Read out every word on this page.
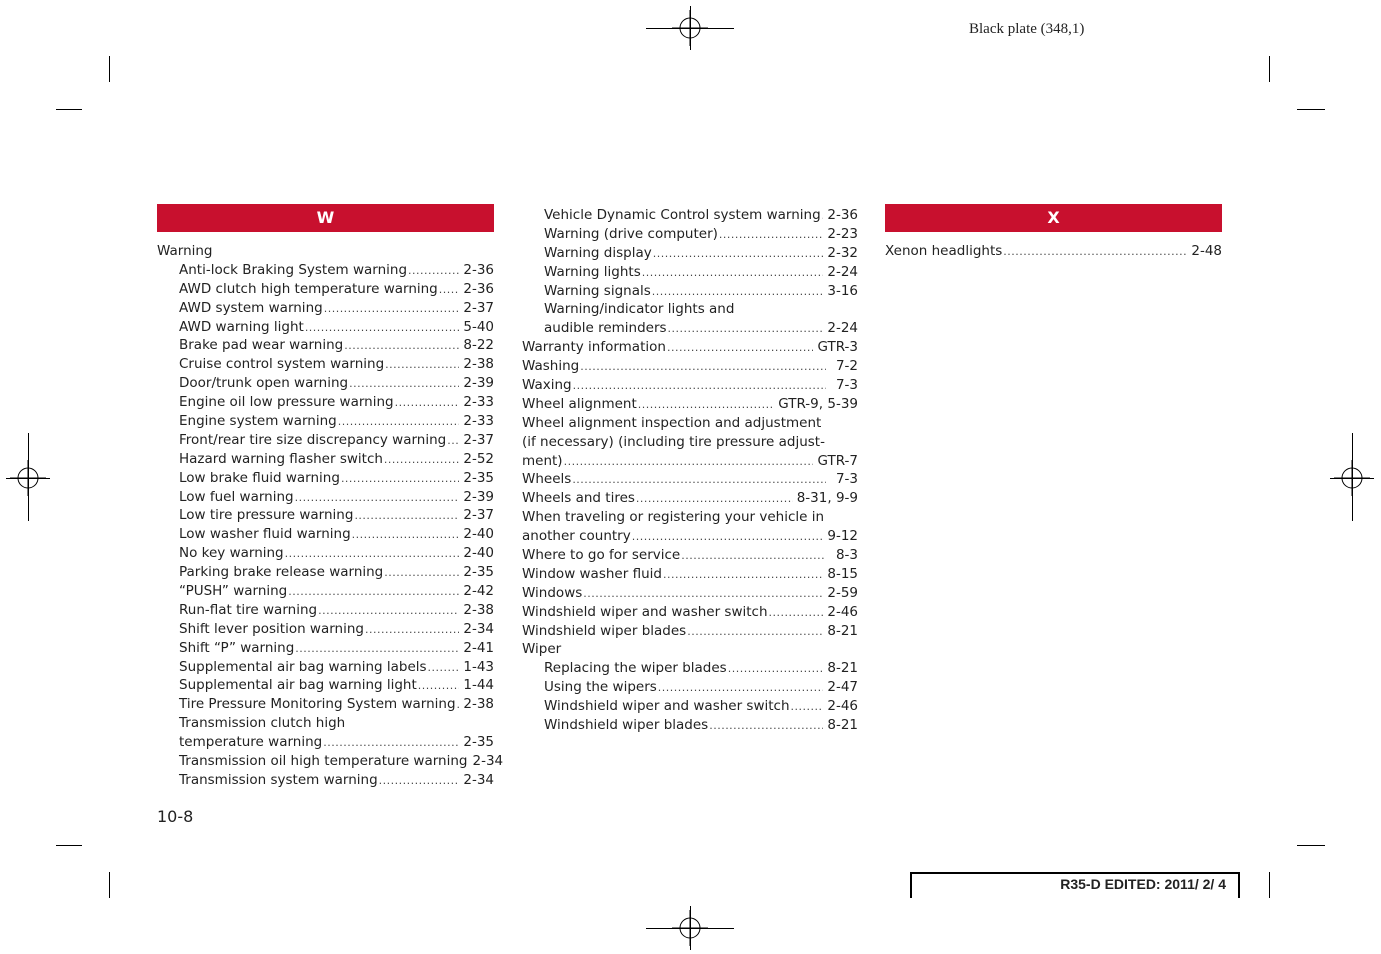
Black plate (348,1)
W
Warning
Anti-lock Braking System warning .....	2-36
AWD clutch high temperature warning ..... 2-36
AWD system warning .....	2-37
AWD warning light .....	5-40
Brake pad wear warning .....	8-22
Cruise control system warning .....	2-38
Door/trunk open warning .....	2-39
Engine oil low pressure warning .....	2-33
Engine system warning .....	2-33
Front/rear tire size discrepancy warning ..... 2-37
Hazard warning flasher switch .....	2-52
Low brake fluid warning .....	2-35
Low fuel warning .....	2-39
Low tire pressure warning .....	2-37
Low washer fluid warning .....	2-40
No key warning .....	2-40
Parking brake release warning .....	2-35
“PUSH” warning .....	2-42
Run-flat tire warning .....	2-38
Shift lever position warning .....	2-34
Shift “P” warning .....	2-41
Supplemental air bag warning labels .....	1-43
Supplemental air bag warning light .....	1-44
Tire Pressure Monitoring System warning ..... 2-38
Transmission clutch high
temperature warning .....	2-35
Transmission oil high temperature warning 2-34
Transmission system warning .....	2-34
Vehicle Dynamic Control system warning ..... 2-36
Warning (drive computer) .....	2-23
Warning display .....	2-32
Warning lights .....	2-24
Warning signals .....	3-16
Warning/indicator lights and
audible reminders .....	2-24
Warranty information .....	GTR-3
Washing .....	7-2
Waxing .....	7-3
Wheel alignment .....	GTR-9, 5-39
Wheel alignment inspection and adjustment
(if necessary) (including tire pressure adjust-
ment) .....	GTR-7
Wheels .....	7-3
Wheels and tires .....	8-31, 9-9
When traveling or registering your vehicle in
another country .....	9-12
Where to go for service .....	8-3
Window washer fluid .....	8-15
Windows .....	2-59
Windshield wiper and washer switch .....	2-46
Windshield wiper blades .....	8-21
Wiper
Replacing the wiper blades .....	8-21
Using the wipers .....	2-47
Windshield wiper and washer switch .....	2-46
Windshield wiper blades .....	8-21
X
Xenon headlights .....	2-48
10-8
R35-D EDITED: 2011/ 2/ 4
